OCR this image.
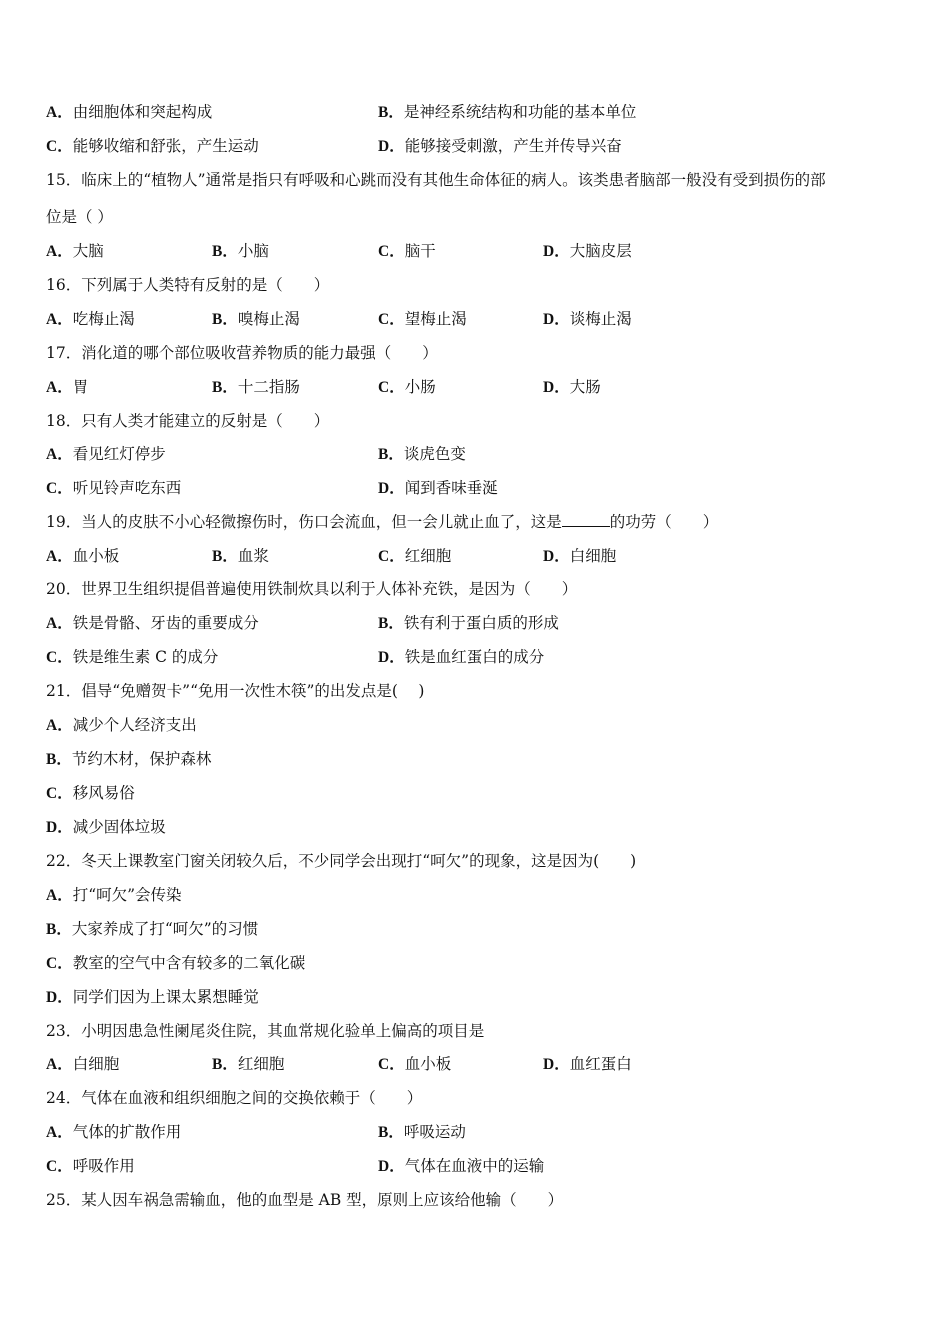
A．由细胞体和突起构成	B．是神经系统结构和功能的基本单位
C．能够收缩和舒张，产生运动	D．能够接受刺激，产生并传导兴奋
15．临床上的“植物人”通常是指只有呼吸和心跳而没有其他生命体征的病人。该类患者脑部一般没有受到损伤的部
位是（ ）
A．大脑	B．小脑	C．脑干	D．大脑皮层
16．下列属于人类特有反射的是（　　）
A．吃梅止渴	B．嗅梅止渴	C．望梅止渴	D．谈梅止渴
17．消化道的哪个部位吸收营养物质的能力最强（　　）
A．胃	B．十二指肠	C．小肠	D．大肠
18．只有人类才能建立的反射是（　　）
A．看见红灯停步	B．谈虎色变
C．听见铃声吃东西	D．闻到香味垂涎
19．当人的皮肤不小心轻微擦伤时，伤口会流血，但一会儿就止血了，这是	的功劳（　　）
A．血小板	B．血浆	C．红细胞	D．白细胞
20．世界卫生组织提倡普遍使用铁制炊具以利于人体补充铁，是因为（　　）
A．铁是骨骼、牙齿的重要成分	B．铁有利于蛋白质的形成
C．铁是维生素 C 的成分	D．铁是血红蛋白的成分
21．倡导“免赠贺卡”“免用一次性木筷”的出发点是(　 )
A．减少个人经济支出
B．节约木材，保护森林
C．移风易俗
D．减少固体垃圾
22．冬天上课教室门窗关闭较久后，不少同学会出现打“呵欠”的现象，这是因为(　　)
A．打“呵欠”会传染
B．大家养成了打“呵欠”的习惯
C．教室的空气中含有较多的二氧化碳
D．同学们因为上课太累想睡觉
23．小明因患急性阑尾炎住院，其血常规化验单上偏高的项目是
A．白细胞	B．红细胞	C．血小板	D．血红蛋白
24．气体在血液和组织细胞之间的交换依赖于（　　）
A．气体的扩散作用	B．呼吸运动
C．呼吸作用	D．气体在血液中的运输
25．某人因车祸急需输血，他的血型是 AB 型，原则上应该给他输（　　）
